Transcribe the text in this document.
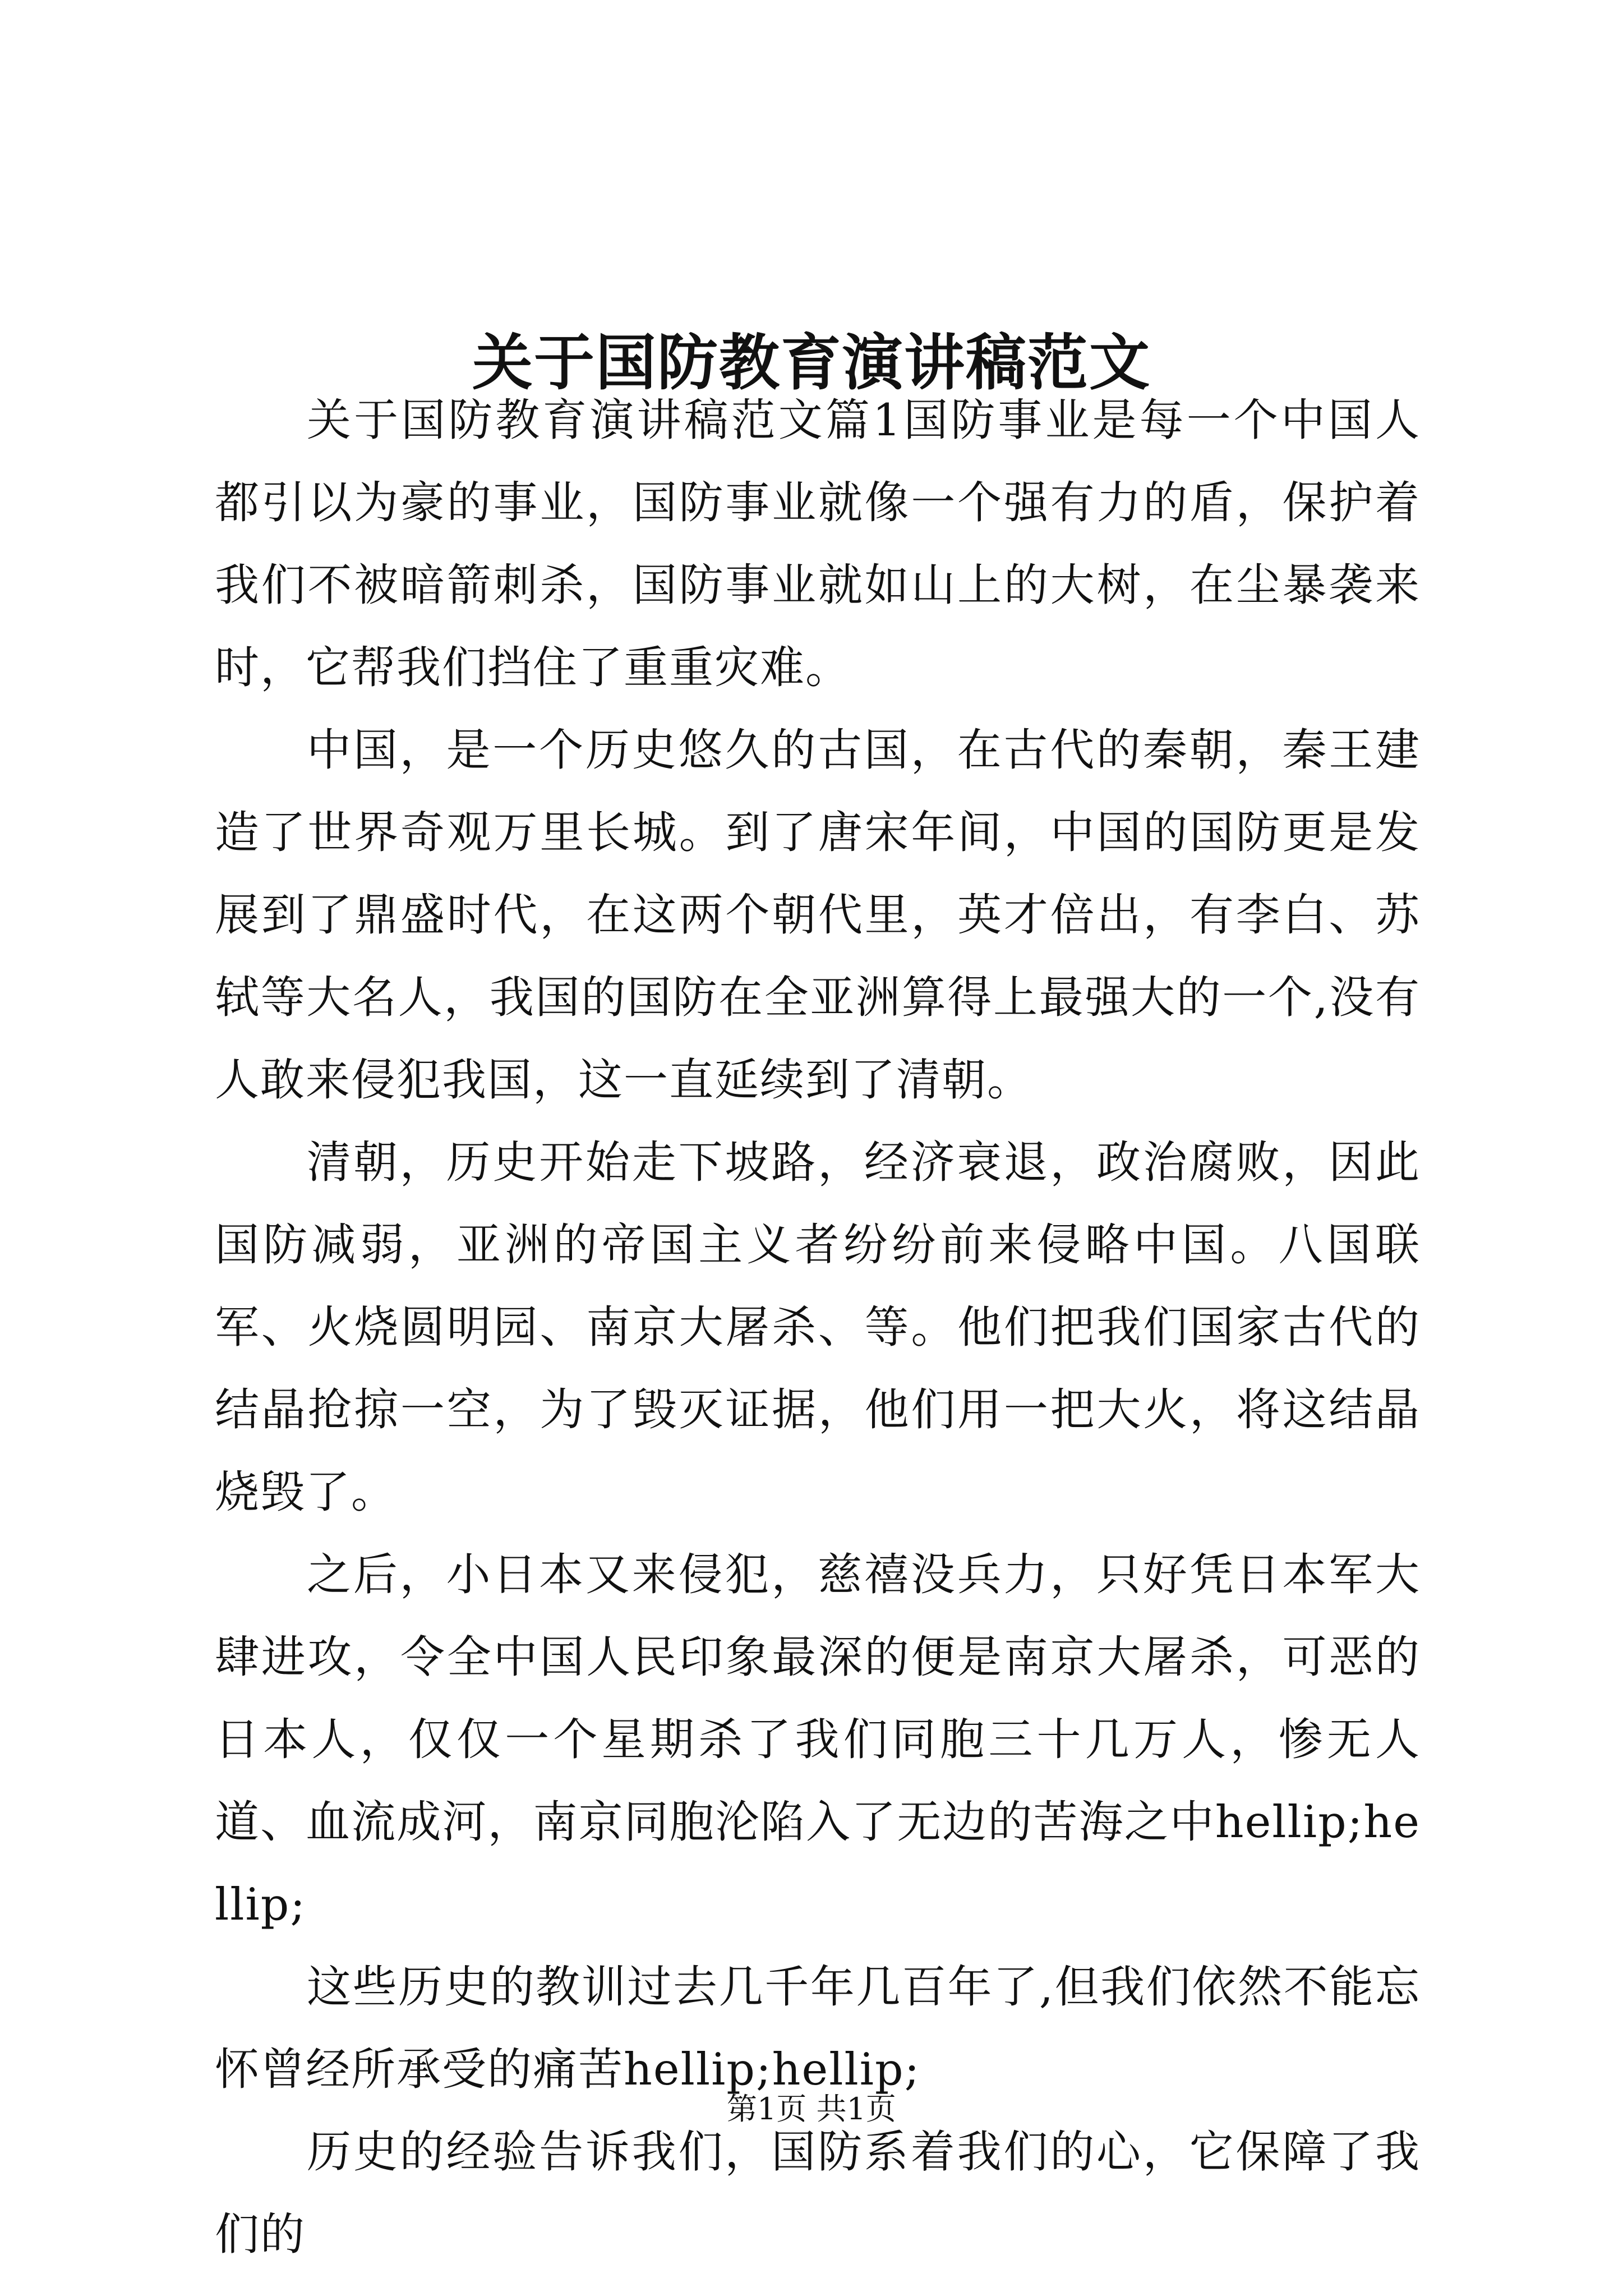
关于国防教育演讲稿范文

关于国防教育演讲稿范文篇1国防事业是每一个中国人都引以为豪的事业，国防事业就像一个强有力的盾，保护着我们不被暗箭刺杀，国防事业就如山上的大树，在尘暴袭来时，它帮我们挡住了重重灾难。

中国，是一个历史悠久的古国，在古代的秦朝，秦王建造了世界奇观万里长城。到了唐宋年间，中国的国防更是发展到了鼎盛时代，在这两个朝代里，英才倍出，有李白、苏轼等大名人，我国的国防在全亚洲算得上最强大的一个,没有人敢来侵犯我国，这一直延续到了清朝。

清朝，历史开始走下坡路，经济衰退，政治腐败，因此国防减弱，亚洲的帝国主义者纷纷前来侵略中国。八国联军、火烧圆明园、南京大屠杀、等。他们把我们国家古代的结晶抢掠一空，为了毁灭证据，他们用一把大火，将这结晶烧毁了。

之后，小日本又来侵犯，慈禧没兵力，只好凭日本军大肆进攻，令全中国人民印象最深的便是南京大屠杀，可恶的日本人，仅仅一个星期杀了我们同胞三十几万人，惨无人道、血流成河，南京同胞沦陷入了无边的苦海之中hellip;hellip;

这些历史的教训过去几千年几百年了,但我们依然不能忘怀曾经所承受的痛苦hellip;hellip;

历史的经验告诉我们，国防系着我们的心，它保障了我们的

第1页 共1页
